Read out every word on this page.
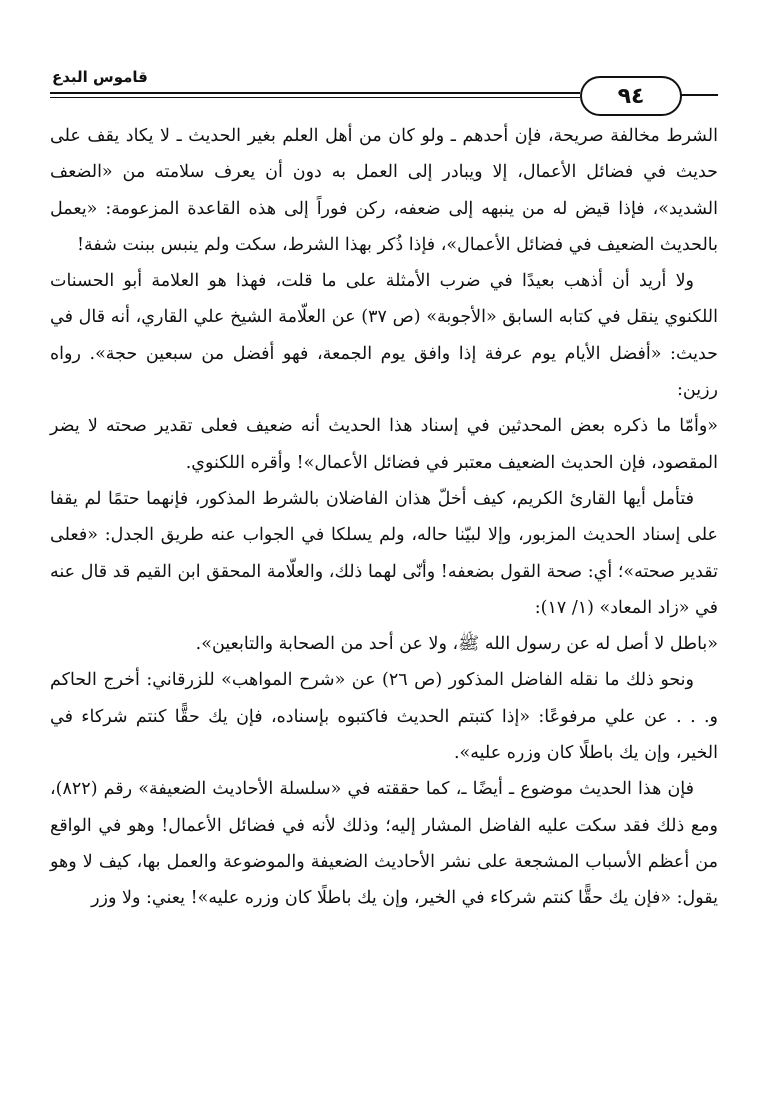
قاموس البدع
٩٤

الشرط مخالفة صريحة، فإن أحدهم ـ ولو كان من أهل العلم بغير الحديث ـ لا يكاد يقف على حديث في فضائل الأعمال، إلا ويبادر إلى العمل به دون أن يعرف سلامته من «الضعف الشديد»، فإذا قيض له من ينبهه إلى ضعفه، ركن فوراً إلى هذه القاعدة المزعومة: «يعمل بالحديث الضعيف في فضائل الأعمال»، فإذا ذُكر بهذا الشرط، سكت ولم ينبس ببنت شفة!

ولا أريد أن أذهب بعيدًا في ضرب الأمثلة على ما قلت، فهذا هو العلامة أبو الحسنات اللكنوي ينقل في كتابه السابق «الأجوبة» (ص ٣٧) عن العلّامة الشيخ علي القاري، أنه قال في حديث: «أفضل الأيام يوم عرفة إذا وافق يوم الجمعة، فهو أفضل من سبعين حجة». رواه رزين:

«وأمّا ما ذكره بعض المحدثين في إسناد هذا الحديث أنه ضعيف فعلى تقدير صحته لا يضر المقصود، فإن الحديث الضعيف معتبر في فضائل الأعمال»! وأقره اللكنوي.

فتأمل أيها القارئ الكريم، كيف أخلّ هذان الفاضلان بالشرط المذكور، فإنهما حتمًا لم يقفا على إسناد الحديث المزبور، وإلا لبيّنا حاله، ولم يسلكا في الجواب عنه طريق الجدل: «فعلى تقدير صحته»؛ أي: صحة القول بضعفه! وأنّى لهما ذلك، والعلّامة المحقق ابن القيم قد قال عنه في «زاد المعاد» (١/ ١٧):

«باطل لا أصل له عن رسول الله ﷺ، ولا عن أحد من الصحابة والتابعين».

ونحو ذلك ما نقله الفاضل المذكور (ص ٢٦) عن «شرح المواهب» للزرقاني: أخرج الحاكم و. . . عن علي مرفوعًا: «إذا كتبتم الحديث فاكتبوه بإسناده، فإن يك حقًّا كنتم شركاء في الخير، وإن يك باطلًا كان وزره عليه».

فإن هذا الحديث موضوع ـ أيضًا ـ، كما حققته في «سلسلة الأحاديث الضعيفة» رقم (٨٢٢)، ومع ذلك فقد سكت عليه الفاضل المشار إليه؛ وذلك لأنه في فضائل الأعمال! وهو في الواقع من أعظم الأسباب المشجعة على نشر الأحاديث الضعيفة والموضوعة والعمل بها، كيف لا وهو يقول: «فإن يك حقًّا كنتم شركاء في الخير، وإن يك باطلًا كان وزره عليه»! يعني: ولا وزر
